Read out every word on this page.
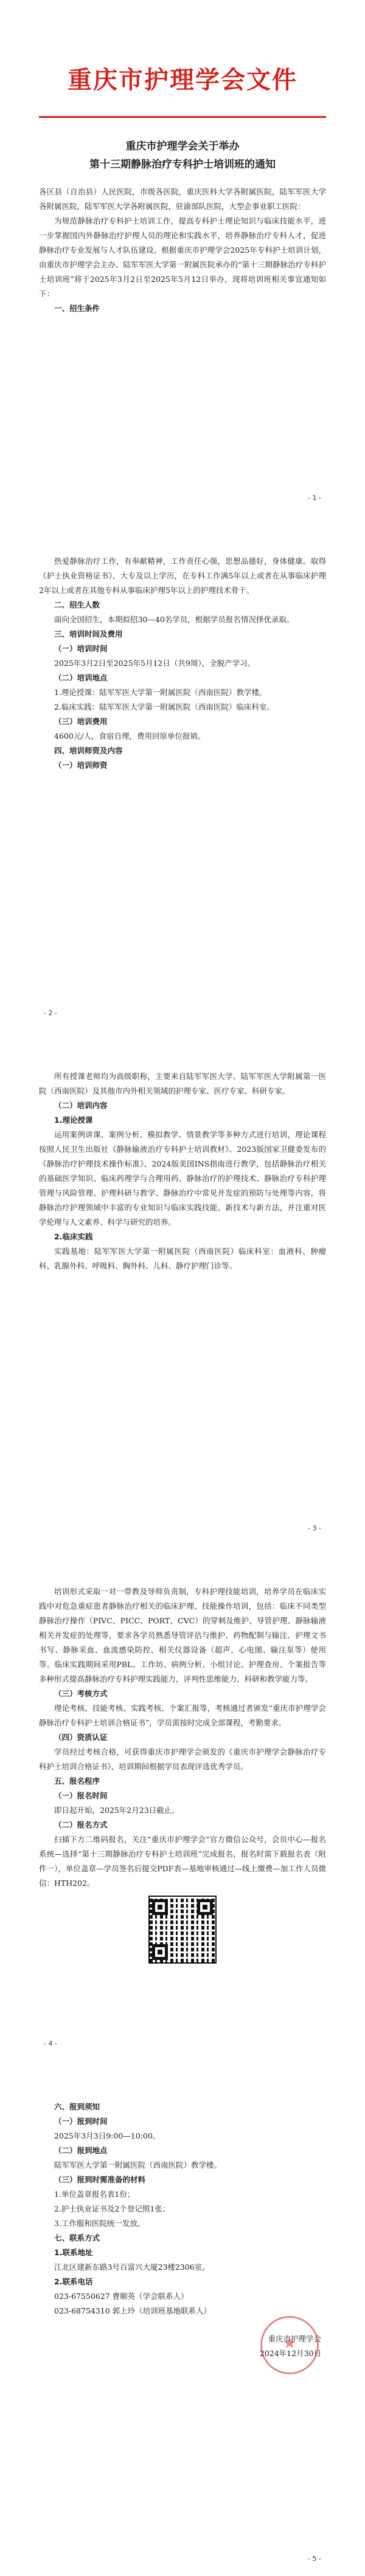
重庆市护理学会文件
重庆市护理学会关于举办
第十三期静脉治疗专科护士培训班的通知

各区县（自治县）人民医院，市级各医院，重庆医科大学各附属医院，陆军军医大学各附属医院，陆军军医大学各附属医院，驻渝部队医院，大型企事业职工医院：

为规范静脉治疗专科护士培训工作，提高专科护士理论知识与临床技能水平，进一步掌握国内外静脉治疗护理人员的理论和实践水平，培养静脉治疗专科人才，促进静脉治疗专业发展与人才队伍建设。根据重庆市护理学会2025年专科护士培训计划，由重庆市护理学会主办、陆军军医大学第一附属医院承办的“第十三期静脉治疗专科护士培训班”将于2025年3月2日至2025年5月12日举办，现将培训班相关事宜通知如下：

一、招生条件

- 1 -

热爱静脉治疗工作，有奉献精神，工作责任心强，思想品德好，身体健康。取得《护士执业资格证书》，大专及以上学历，在专科工作满5年以上或者在从事临床护理2年以上或者在其他专科从事临床护理5年以上的护理技术骨干。

二、招生人数

面向全国招生，本期拟招30—40名学员，根据学员报名情况择优录取。

三、培训时间及费用

（一）培训时间

2025年3月2日至2025年5月12日（共9周），全脱产学习。

（二）培训地点

1.理论授课：陆军军医大学第一附属医院（西南医院）教学楼。

2.临床实践：陆军军医大学第一附属医院（西南医院）临床科室。

（三）培训费用

4600元/人，食宿自理，费用回原单位报销。

四、培训师资及内容

（一）培训师资

- 2 -

所有授课老师均为高级职称，主要来自陆军军医大学、陆军军医大学附属第一医院（西南医院）及其他市内外相关领域的护理专家、医疗专家、科研专家。

（二）培训内容

1.理论授课

运用案例讲课、案例分析、模拟教学、情景教学等多种方式进行培训，理论课程按照人民卫生出版社《静脉输液治疗专科护士培训教材》、2023版国家卫健委发布的《静脉治疗护理技术操作标准》、2024版美国INS指南进行教学，包括静脉治疗相关的基础医学知识、临床药理学与合理用药、静脉治疗的护理技术、静脉治疗专科护理管理与风险管理、护理科研与教学、静脉治疗中常见并发症的预防与处理等内容，将静脉治疗护理领域中丰富的专业知识与临床实践技能、新技术与新方法，并注重对医学伦理与人文素养、科学与研究的培养。

2.临床实践

实践基地：陆军军医大学第一附属医院（西南医院）临床科室：血液科、肿瘤科、乳腺外科、呼吸科、胸外科、儿科、静疗护理门诊等。

- 3 -

培训形式采取一对一带教及导师负责制，专科护理技能培训，培养学员在临床实践中对危急重症患者静脉治疗相关的临床护理、技能操作培训，包括：临床不同类型静脉治疗操作（PIVC、PICC、PORT、CVC）的穿刺及维护、导管护理、静脉输液相关并发症的处理等，要求各学员熟悉导管评估与维护、药物配制与输注、护理文书书写、静脉采血、血流感染防控、相关仪器设备（超声、心电图、输注泵等）使用等。临床实践期间采用PBL、工作坊、病例分析、小组讨论、护理查房、个案报告等多种形式提高静脉治疗专科护理实践能力，评判性思维能力、科研和教学能力等。

（三）考核方式

理论考核、技能考核、实践考核、个案汇报等，考核通过者颁发“重庆市护理学会静脉治疗专科护士培训合格证书”，学员需按时完成全部课程，考勤要求。

（四）资质认证

学员经过考核合格，可获得重庆市护理学会颁发的《重庆市护理学会静脉治疗专科护士培训合格证书》，培训期间根据学员表现评选优秀学员。

五、报名程序

（一）报名时间

即日起开始，2025年2月23日截止。

（二）报名方式

扫描下方二维码报名，关注“重庆市护理学会”官方微信公众号，会员中心—报名系统—选择“第十三期静脉治疗专科护士培训班”完成报名，报名时需下载报名表（附件一），单位盖章—学员签名后提交PDF表—基地审核通过—线上缴费—加工作人员微信：HTH202。

- 4 -

六、报到须知

（一）报到时间

2025年3月3日9:00—10:00。

（二）报到地点

陆军军医大学第一附属医院（西南医院）教学楼。

（三）报到时需准备的材料

1.单位盖章报名表1份；

2.护士执业证书及2个登记照1张；

3.工作服和医院统一发放。

七、联系方式

1.联系地址

江北区建新东路3号百富兴大厦23楼2306室。

2.联系电话

023-67550627 曹顺英（学会联系人）

023-68754310 郭上玲（培训班基地联系人）

★
重庆市护理学会
2024年12月30日
- 5 -
